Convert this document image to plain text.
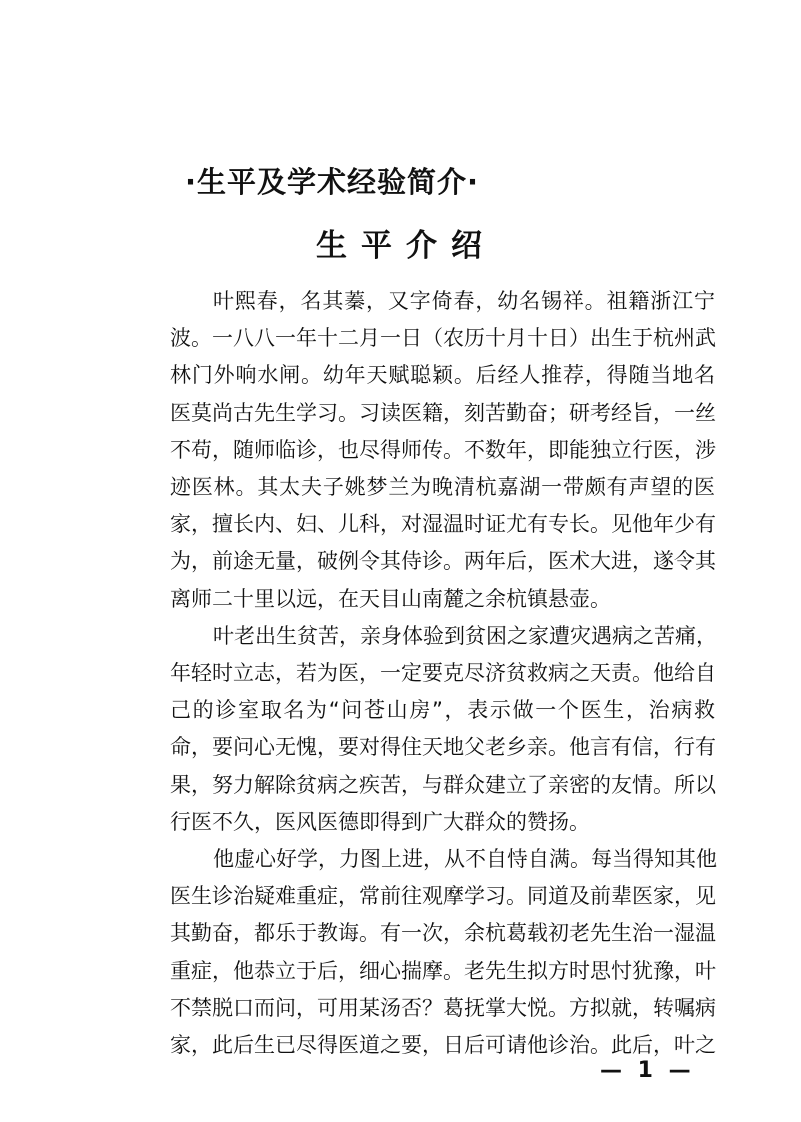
·生平及学术经验简介·
生平介绍
叶熙春，名其蓁，又字倚春，幼名锡祥。祖籍浙江宁
波。一八八一年十二月一日（农历十月十日）出生于杭州武
林门外响水闸。幼年天赋聪颖。后经人推荐，得随当地名
医莫尚古先生学习。习读医籍，刻苦勤奋；研考经旨，一丝
不苟，随师临诊，也尽得师传。不数年，即能独立行医，涉
迹医林。其太夫子姚梦兰为晚清杭嘉湖一带颇有声望的医
家，擅长内、妇、儿科，对湿温时证尤有专长。见他年少有
为，前途无量，破例令其侍诊。两年后，医术大进，遂令其
离师二十里以远，在天目山南麓之余杭镇悬壶。
叶老出生贫苦，亲身体验到贫困之家遭灾遇病之苦痛，
年轻时立志，若为医，一定要克尽济贫救病之天责。他给自
己的诊室取名为“问苍山房”，表示做一个医生，治病救
命，要问心无愧，要对得住天地父老乡亲。他言有信，行有
果，努力解除贫病之疾苦，与群众建立了亲密的友情。所以
行医不久，医风医德即得到广大群众的赞扬。
他虚心好学，力图上进，从不自恃自满。每当得知其他
医生诊治疑难重症，常前往观摩学习。同道及前辈医家，见
其勤奋，都乐于教诲。有一次，余杭葛载初老先生治一湿温
重症，他恭立于后，细心揣摩。老先生拟方时思忖犹豫，叶
不禁脱口而问，可用某汤否？葛抚掌大悦。方拟就，转嘱病
家，此后生已尽得医道之要，日后可请他诊治。此后，叶之
— 1 —
